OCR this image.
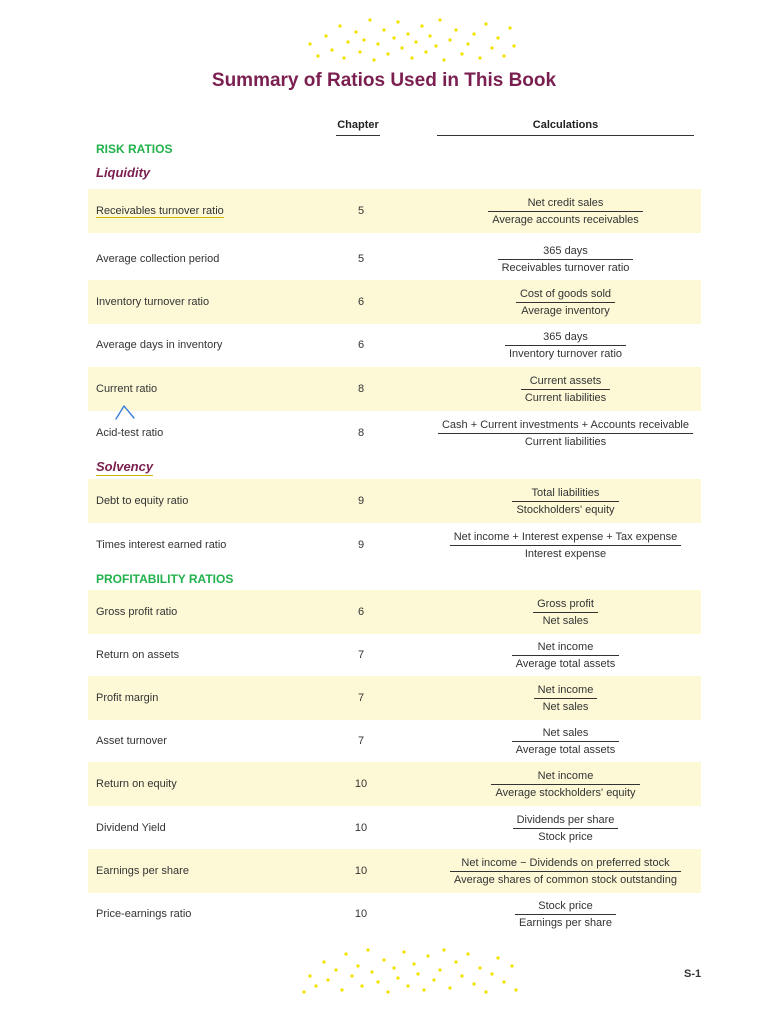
Summary of Ratios Used in This Book
Chapter	Calculations
RISK RATIOS
Liquidity
Receivables turnover ratio	5	$\frac{\text{Net credit sales}}{\text{Average accounts receivables}}$
Average collection period	5	$\frac{\text{365 days}}{\text{Receivables turnover ratio}}$
Inventory turnover ratio	6	$\frac{\text{Cost of goods sold}}{\text{Average inventory}}$
Average days in inventory	6	$\frac{\text{365 days}}{\text{Inventory turnover ratio}}$
Current ratio	8	$\frac{\text{Current assets}}{\text{Current liabilities}}$
Acid-test ratio	8	$\frac{\text{Cash + Current investments + Accounts receivable}}{\text{Current liabilities}}$
Solvency
Debt to equity ratio	9	$\frac{\text{Total liabilities}}{\text{Stockholders' equity}}$
Times interest earned ratio	9	$\frac{\text{Net income + Interest expense + Tax expense}}{\text{Interest expense}}$
PROFITABILITY RATIOS
Gross profit ratio	6	$\frac{\text{Gross profit}}{\text{Net sales}}$
Return on assets	7	$\frac{\text{Net income}}{\text{Average total assets}}$
Profit margin	7	$\frac{\text{Net income}}{\text{Net sales}}$
Asset turnover	7	$\frac{\text{Net sales}}{\text{Average total assets}}$
Return on equity	10	$\frac{\text{Net income}}{\text{Average stockholders' equity}}$
Dividend Yield	10	$\frac{\text{Dividends per share}}{\text{Stock price}}$
Earnings per share	10	$\frac{\text{Net income − Dividends on preferred stock}}{\text{Average shares of common stock outstanding}}$
Price-earnings ratio	10	$\frac{\text{Stock price}}{\text{Earnings per share}}$
S-1
